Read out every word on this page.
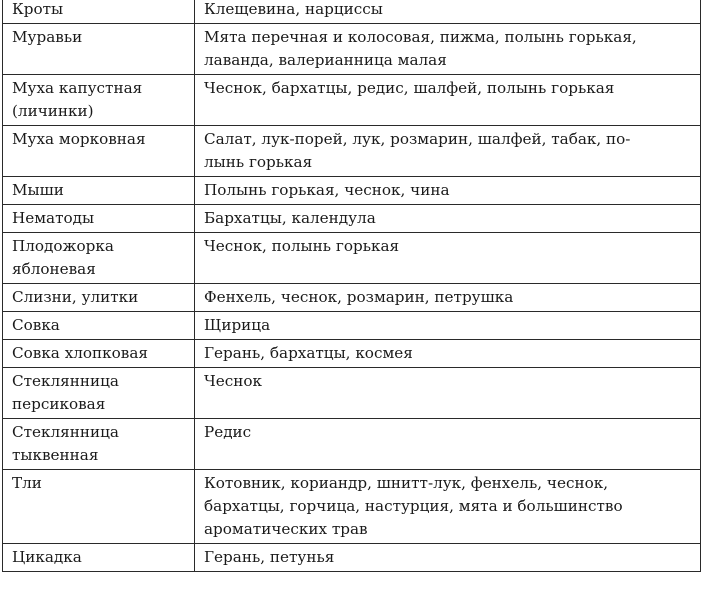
Кроты	Клещевина, нарциссы

Муравьи	Мята перечная и колосовая, пижма, полынь горькая,
лаванда, валерианница малая

Муха капустная
(личинки)	Чеснок, бархатцы, редис, шалфей, полынь горькая

Муха морковная	Салат, лук-порей, лук, розмарин, шалфей, табак, по-
лынь горькая

Мыши	Полынь горькая, чеснок, чина

Нематоды	Бархатцы, календула

Плодожорка
яблоневая	Чеснок, полынь горькая

Слизни, улитки	Фенхель, чеснок, розмарин, петрушка

Совка	Щирица

Совка хлопковая	Герань, бархатцы, космея

Стеклянница
персиковая	Чеснок

Стеклянница
тыквенная	Редис

Тли	Котовник, кориандр, шнитт-лук, фенхель, чеснок,
бархатцы, горчица, настурция, мята и большинство
ароматических трав

Цикадка	Герань, петунья
